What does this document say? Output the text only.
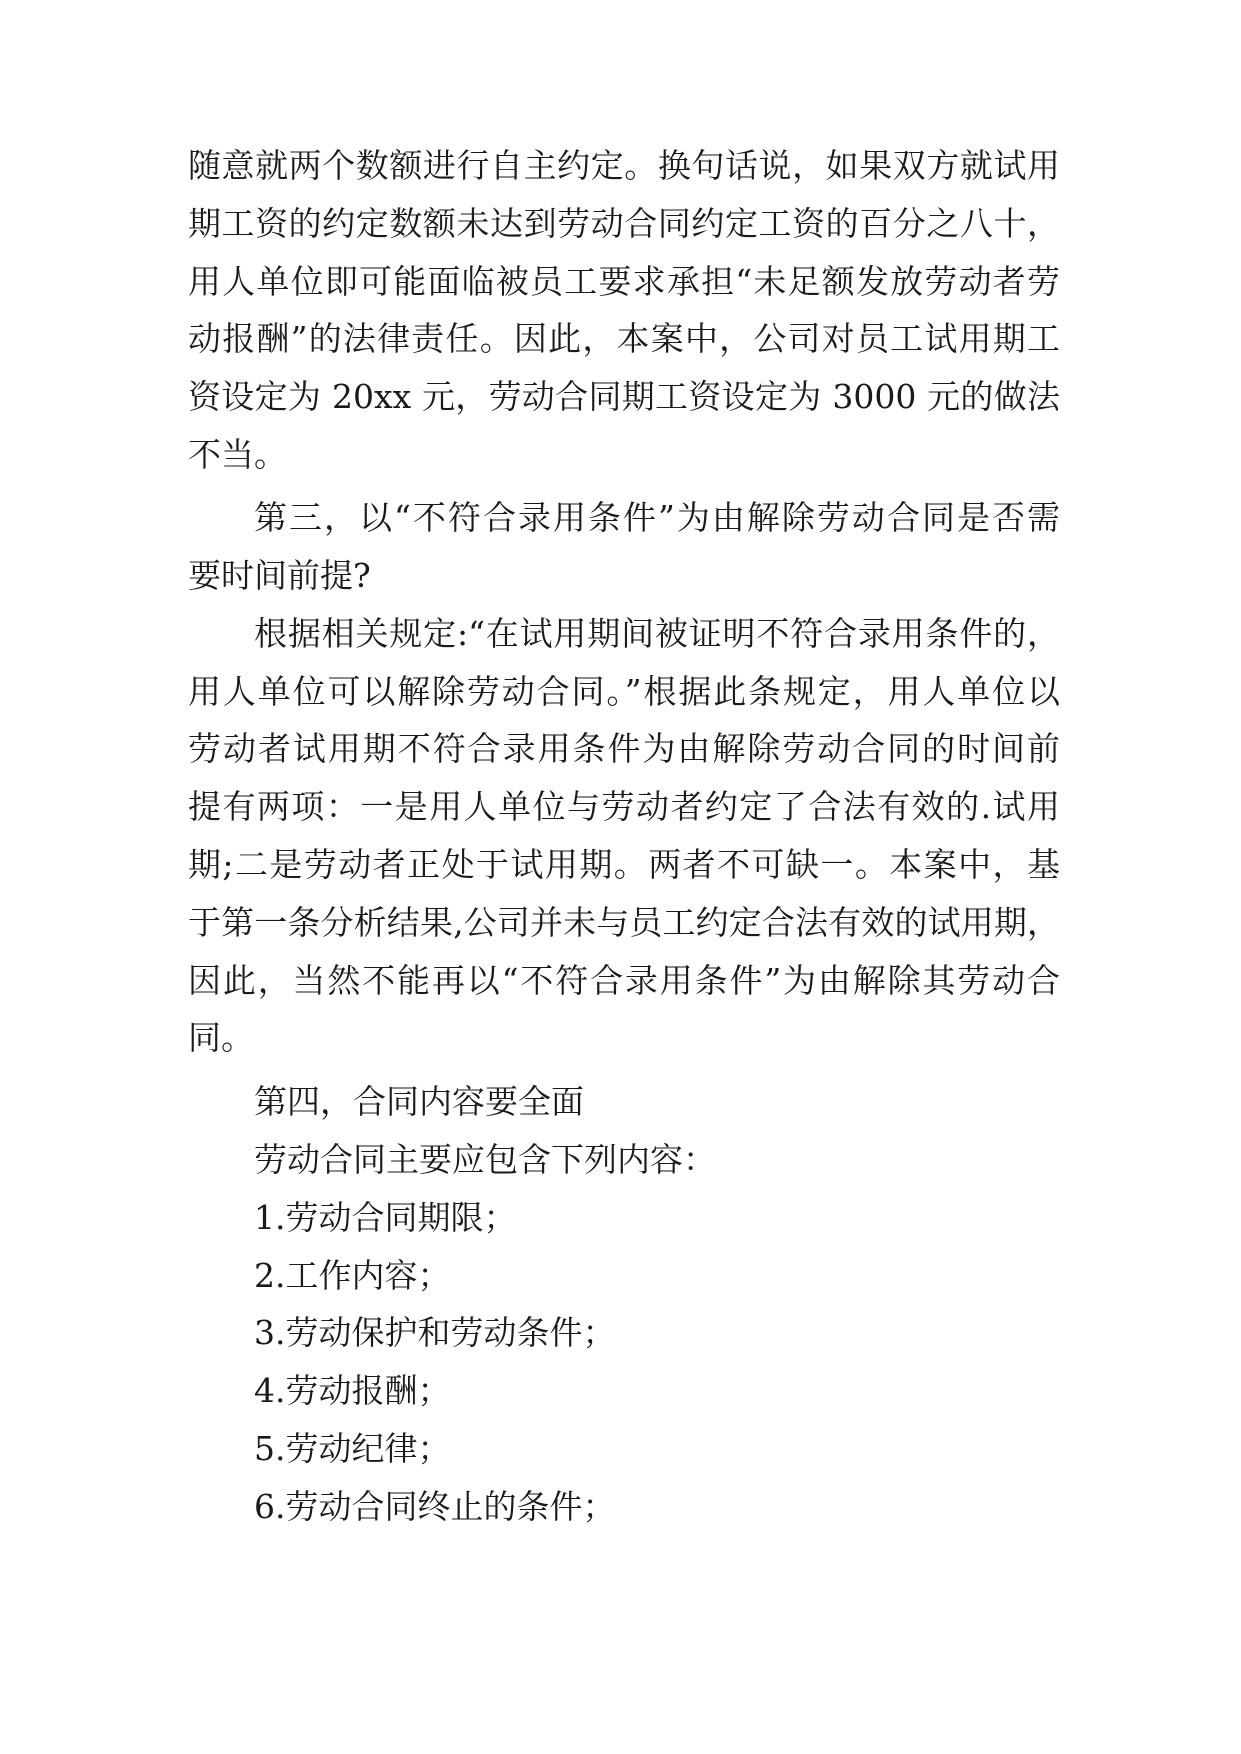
随意就两个数额进行自主约定。换句话说，如果双方就试用
期工资的约定数额未达到劳动合同约定工资的百分之八十，
用人单位即可能面临被员工要求承担“未足额发放劳动者劳
动报酬”的法律责任。因此，本案中，公司对员工试用期工
资设定为 20xx 元，劳动合同期工资设定为 3000 元的做法
不当。
第三，以“不符合录用条件”为由解除劳动合同是否需
要时间前提?
根据相关规定:“在试用期间被证明不符合录用条件的，
用人单位可以解除劳动合同。”根据此条规定，用人单位以
劳动者试用期不符合录用条件为由解除劳动合同的时间前
提有两项：一是用人单位与劳动者约定了合法有效的.试用
期;二是劳动者正处于试用期。两者不可缺一。本案中，基
于第一条分析结果,公司并未与员工约定合法有效的试用期，
因此，当然不能再以“不符合录用条件”为由解除其劳动合
同。
第四，合同内容要全面
劳动合同主要应包含下列内容：
1.劳动合同期限；
2.工作内容；
3.劳动保护和劳动条件；
4.劳动报酬；
5.劳动纪律；
6.劳动合同终止的条件；
